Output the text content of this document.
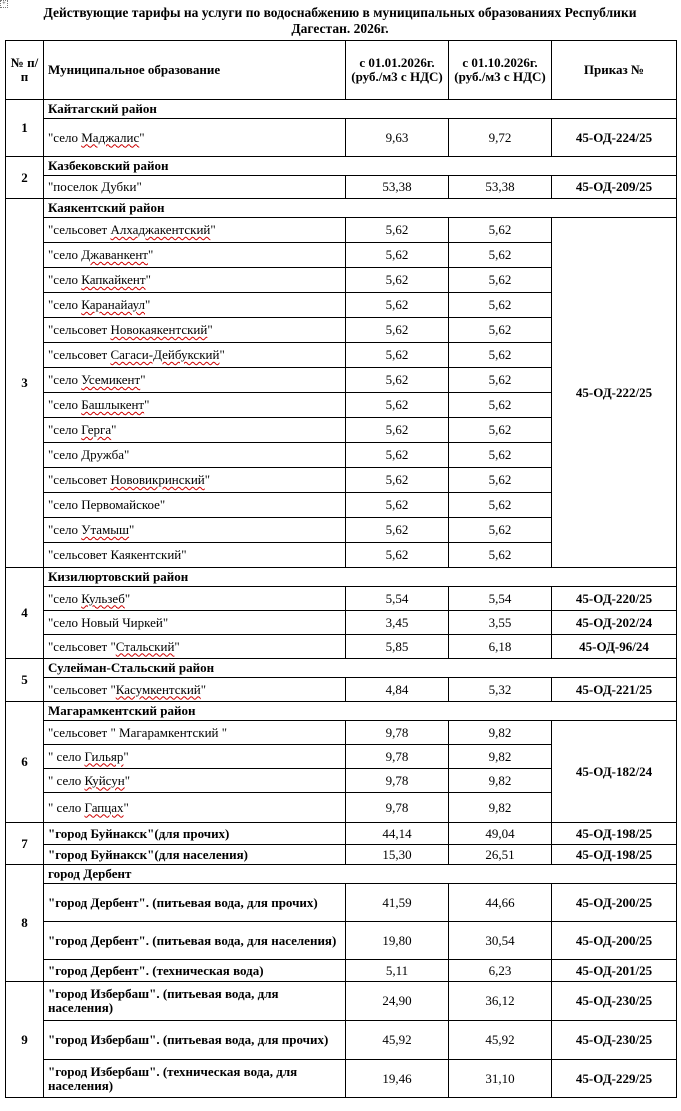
+
Действующие тарифы на услуги по водоснабжению в муниципальных образованиях Республики Дагестан. 2026г.
№ п/п	Муниципальное образование	с 01.01.2026г. (руб./м3 с НДС)	с 01.10.2026г. (руб./м3 с НДС)	Приказ №
1	Кайтагский район			
	"село Маджалис"	9,63	9,72	45-ОД-224/25
2	Казбековский район			
	"поселок Дубки"	53,38	53,38	45-ОД-209/25
3	Каякентский район			
	"сельсовет Алхаджакентский"	5,62	5,62	45-ОД-222/25
	"село Джаванкент"	5,62	5,62	
	"село Капкайкент"	5,62	5,62	
	"село Каранайаул"	5,62	5,62	
	"сельсовет Новокаякентский"	5,62	5,62	
	"сельсовет Сагаси-Дейбукский"	5,62	5,62	
	"село Усемикент"	5,62	5,62	
	"село Башлыкент"	5,62	5,62	
	"село Герга"	5,62	5,62	
	"село Дружба"	5,62	5,62	
	"сельсовет Нововикринский"	5,62	5,62	
	"село Первомайское"	5,62	5,62	
	"село Утамыш"	5,62	5,62	
	"сельсовет Каякентский"	5,62	5,62	
4	Кизилюртовский район			
	"село Кульзеб"	5,54	5,54	45-ОД-220/25
	"село Новый Чиркей"	3,45	3,55	45-ОД-202/24
	"сельсовет "Стальский"	5,85	6,18	45-ОД-96/24
5	Сулейман-Стальский район			
	"сельсовет "Касумкентский"	4,84	5,32	45-ОД-221/25
6	Магарамкентский район			
	"сельсовет " Магарамкентский "	9,78	9,82	45-ОД-182/24
	" село Гильяр"	9,78	9,82	
	" село Куйсун"	9,78	9,82	
	" село Гапцах"	9,78	9,82	
7	"город Буйнакск"(для прочих)	44,14	49,04	45-ОД-198/25
	"город Буйнакск"(для населения)	15,30	26,51	45-ОД-198/25
8	город Дербент			
	"город Дербент". (питьевая вода, для прочих)	41,59	44,66	45-ОД-200/25
	"город Дербент". (питьевая вода, для населения)	19,80	30,54	45-ОД-200/25
	"город Дербент". (техническая вода)	5,11	6,23	45-ОД-201/25
9	"город Избербаш". (питьевая вода, для населения)	24,90	36,12	45-ОД-230/25
	"город Избербаш". (питьевая вода, для прочих)	45,92	45,92	45-ОД-230/25
	"город Избербаш". (техническая вода, для населения)	19,46	31,10	45-ОД-229/25
